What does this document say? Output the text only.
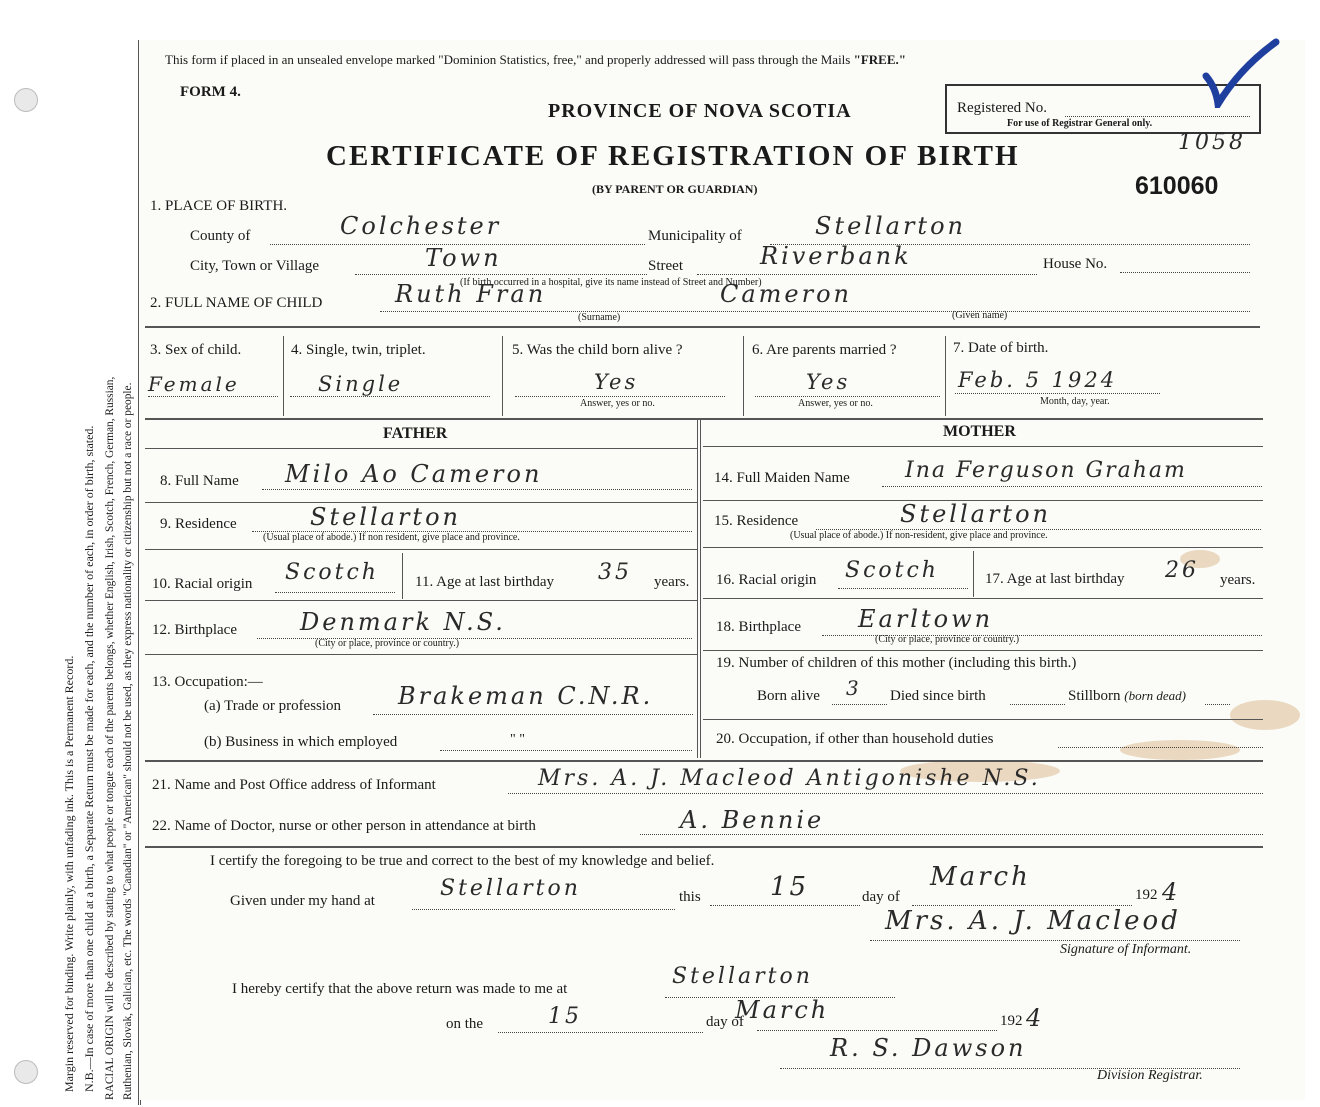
Margin reserved for binding. Write plainly, with unfading ink. This is a Permanent Record. N.B.—In case of more than one child at a birth, a Separate Return must be made for each, and the number of each, in order of birth, stated. RACIAL ORIGIN will be described by stating to what people or tongue each of the parents belongs, whether English, Irish, Scotch, French, German, Russian, Ruthenian, Slovak, Galician, etc. The words "Canadian" or "American" should not be used, as they express nationality or citizenship but not a race or people.
This form if placed in an unsealed envelope marked "Dominion Statistics, free," and properly addressed will pass through the Mails "FREE."
FORM 4.
PROVINCE OF NOVA SCOTIA
CERTIFICATE OF REGISTRATION OF BIRTH
(BY PARENT OR GUARDIAN)
Registered No.
For use of Registrar General only.
1058
610060
1. PLACE OF BIRTH.
County of	Colchester	Municipality of	Stellarton
City, Town or Village	Town	Street	Riverbank
(If birth occurred in a hospital, give its name instead of Street and Number)
House No.
2. FULL NAME OF CHILD	Ruth Fran	Cameron
(Surname)	(Given name)
3. Sex of child.
Female
4. Single, twin, triplet.
Single
5. Was the child born alive ?
Yes
Answer, yes or no.
6. Are parents married ?
Yes
Answer, yes or no.
7. Date of birth.
Feb. 5 1924
Month, day, year.
FATHER	MOTHER
8. Full Name Milo Ao Cameron
9. Residence	Stellarton
(Usual place of abode.) If non resident, give place and province.
10. Racial origin Scotch 11. Age at last birthday 35 years.
12. Birthplace	Denmark N.S.
(City or place, province or country.)
13. Occupation:—
(a) Trade or profession Brakeman C.N.R.
(b) Business in which employed	" "
14. Full Maiden Name	Ina Ferguson Graham
15. Residence	Stellarton
(Usual place of abode.) If non-resident, give place and province.
16. Racial origin Scotch	17. Age at last birthday 26 years.
18. Birthplace Earltown
(City or place, province or country.)
19. Number of children of this mother (including this birth.)
Born alive 3 Died since birth	Stillborn (born dead)
20. Occupation, if other than household duties
21. Name and Post Office address of Informant	Mrs. A. J. Macleod Antigonishe N.S.
22. Name of Doctor, nurse or other person in attendance at birth	A. Bennie
I certify the foregoing to be true and correct to the best of my knowledge and belief.
Given under my hand at	Stellarton	this	15	day of
March
192 4
Mrs. A. J. Macleod
Signature of Informant.
I hereby certify that the above return was made to me at	Stellarton
on the	15	day of
March	192 4
R. S. Dawson
Division Registrar.
